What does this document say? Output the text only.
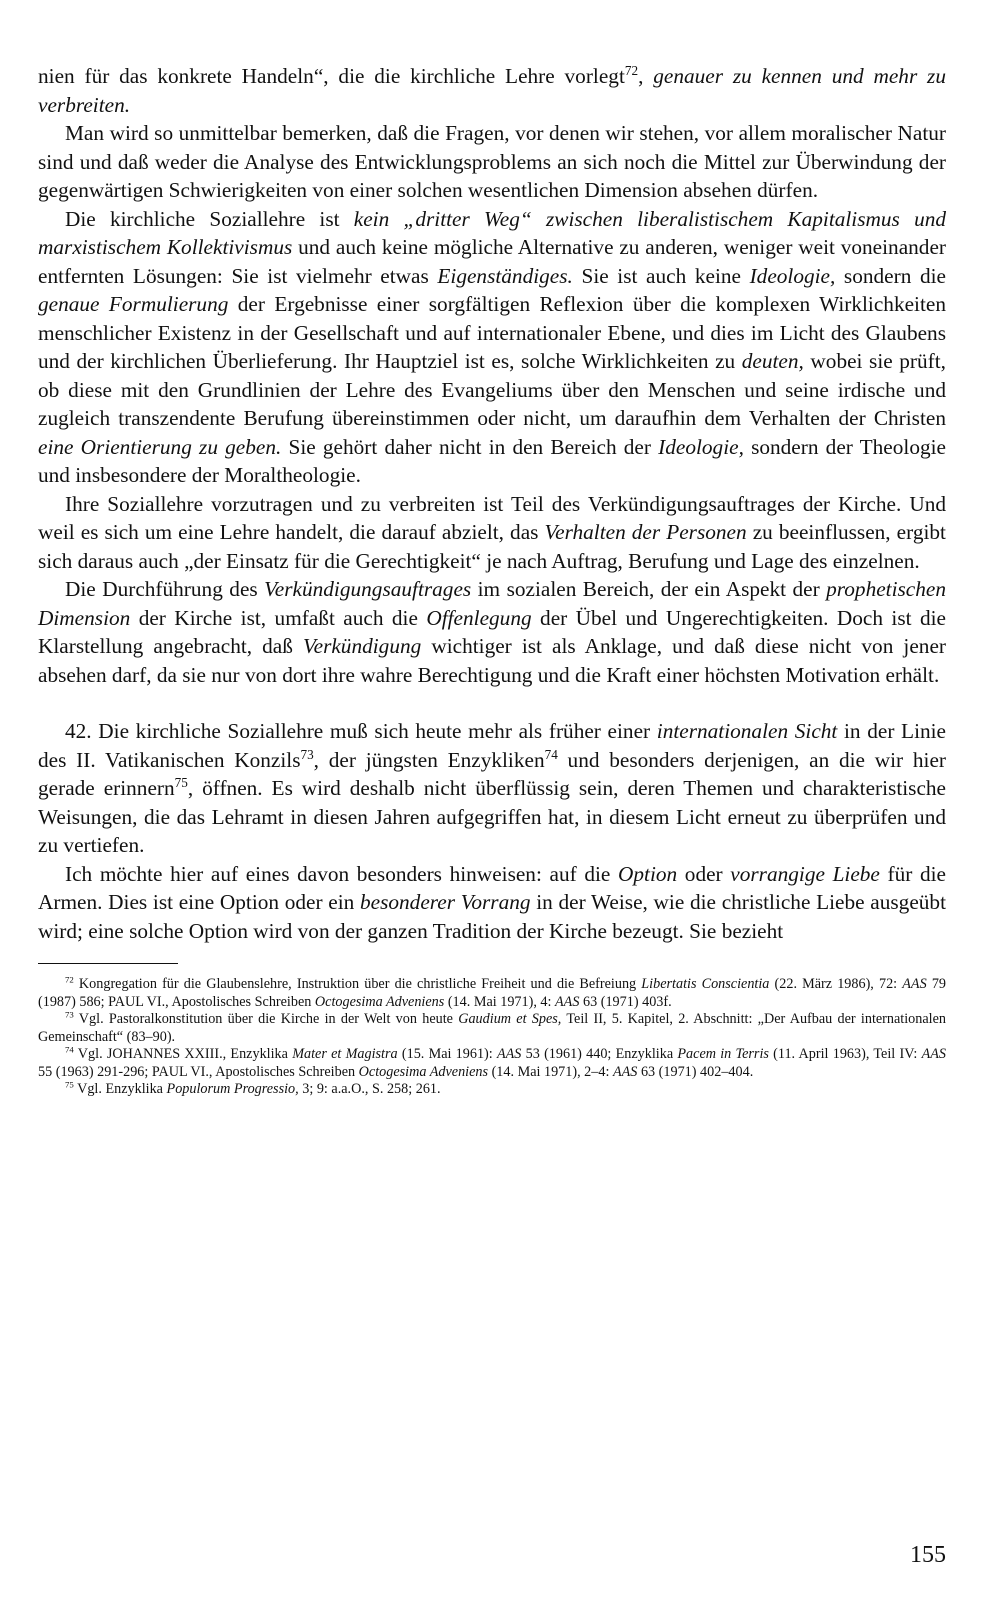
nien für das konkrete Handeln“, die die kirchliche Lehre vorlegt$^{72}$, genauer zu kennen und mehr zu verbreiten.

Man wird so unmittelbar bemerken, daß die Fragen, vor denen wir stehen, vor allem moralischer Natur sind und daß weder die Analyse des Entwicklungsproblems an sich noch die Mittel zur Überwindung der gegenwärtigen Schwierigkeiten von einer solchen wesentlichen Dimension absehen dürfen.

Die kirchliche Soziallehre ist kein „dritter Weg“ zwischen liberalistischem Kapitalismus und marxistischem Kollektivismus und auch keine mögliche Alternative zu anderen, weniger weit voneinander entfernten Lösungen: Sie ist vielmehr etwas Eigenständiges. Sie ist auch keine Ideologie, sondern die genaue Formulierung der Ergebnisse einer sorgfältigen Reflexion über die komplexen Wirklichkeiten menschlicher Existenz in der Gesellschaft und auf internationaler Ebene, und dies im Licht des Glaubens und der kirchlichen Überlieferung. Ihr Hauptziel ist es, solche Wirklichkeiten zu deuten, wobei sie prüft, ob diese mit den Grundlinien der Lehre des Evangeliums über den Menschen und seine irdische und zugleich transzendente Berufung übereinstimmen oder nicht, um daraufhin dem Verhalten der Christen eine Orientierung zu geben. Sie gehört daher nicht in den Bereich der Ideologie, sondern der Theologie und insbesondere der Moraltheologie.

Ihre Soziallehre vorzutragen und zu verbreiten ist Teil des Verkündigungsauftrages der Kirche. Und weil es sich um eine Lehre handelt, die darauf abzielt, das Verhalten der Personen zu beeinflussen, ergibt sich daraus auch „der Einsatz für die Gerechtigkeit“ je nach Auftrag, Berufung und Lage des einzelnen.

Die Durchführung des Verkündigungsauftrages im sozialen Bereich, der ein Aspekt der prophetischen Dimension der Kirche ist, umfaßt auch die Offenlegung der Übel und Ungerechtigkeiten. Doch ist die Klarstellung angebracht, daß Verkündigung wichtiger ist als Anklage, und daß diese nicht von jener absehen darf, da sie nur von dort ihre wahre Berechtigung und die Kraft einer höchsten Motivation erhält.

42. Die kirchliche Soziallehre muß sich heute mehr als früher einer internationalen Sicht in der Linie des II. Vatikanischen Konzils$^{73}$, der jüngsten Enzykliken$^{74}$ und besonders derjenigen, an die wir hier gerade erinnern$^{75}$, öffnen. Es wird deshalb nicht überflüssig sein, deren Themen und charakteristische Weisungen, die das Lehramt in diesen Jahren aufgegriffen hat, in diesem Licht erneut zu überprüfen und zu vertiefen.

Ich möchte hier auf eines davon besonders hinweisen: auf die Option oder vorrangige Liebe für die Armen. Dies ist eine Option oder ein besonderer Vorrang in der Weise, wie die christliche Liebe ausgeübt wird; eine solche Option wird von der ganzen Tradition der Kirche bezeugt. Sie bezieht

$^{72}$ Kongregation für die Glaubenslehre, Instruktion über die christliche Freiheit und die Befreiung Libertatis Conscientia (22. März 1986), 72: AAS 79 (1987) 586; PAUL VI., Apostolisches Schreiben Octogesima Adveniens (14. Mai 1971), 4: AAS 63 (1971) 403f.

$^{73}$ Vgl. Pastoralkonstitution über die Kirche in der Welt von heute Gaudium et Spes, Teil II, 5. Kapitel, 2. Abschnitt: „Der Aufbau der internationalen Gemeinschaft“ (83–90).

$^{74}$ Vgl. JOHANNES XXIII., Enzyklika Mater et Magistra (15. Mai 1961): AAS 53 (1961) 440; Enzyklika Pacem in Terris (11. April 1963), Teil IV: AAS 55 (1963) 291-296; PAUL VI., Apostolisches Schreiben Octogesima Adveniens (14. Mai 1971), 2–4: AAS 63 (1971) 402–404.

$^{75}$ Vgl. Enzyklika Populorum Progressio, 3; 9: a.a.O., S. 258; 261.

155
